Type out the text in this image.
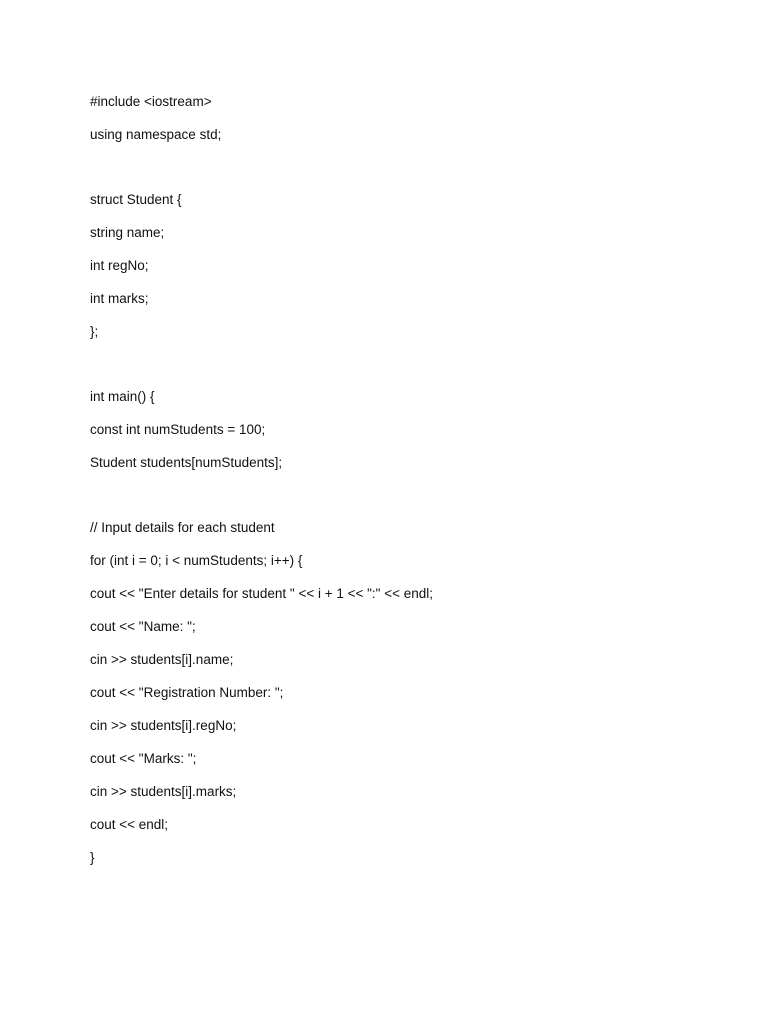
#include <iostream>
using namespace std;
struct Student {
string name;
int regNo;
int marks;
};
int main() {
const int numStudents = 100;
Student students[numStudents];
// Input details for each student
for (int i = 0; i < numStudents; i++) {
cout << "Enter details for student " << i + 1 << ":" << endl;
cout << "Name: ";
cin >> students[i].name;
cout << "Registration Number: ";
cin >> students[i].regNo;
cout << "Marks: ";
cin >> students[i].marks;
cout << endl;
}
